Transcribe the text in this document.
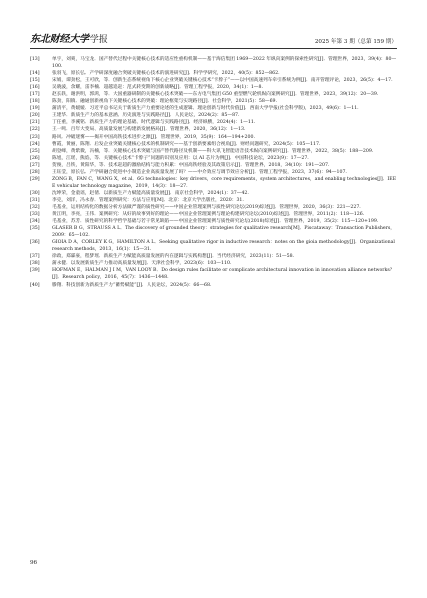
东北财经大学 学报	2025 年第 3 期（总第 159 期）
[13]	单宇，刘爽，马宝龙．国产替代过程中关键核心技术的适应性重构机制——基于海信集团 1969—2022 年纵向案例的探索性研究[J]．管理世界，2023，39(4)：80—100.
[14]	张羽飞，原长弘．产学研深度融合突破关键核心技术的演进研究[J]．科学学研究，2022，40(5)：852—862.
[15]	宋娟，谭劲松，王可欣，等．创新生态系统视角下核心企业突破关键核心技术“卡脖子”——以中国高速列车牵引系统为例[J]．南开管理评论，2023，26(5)：4—17.
[16]	吴晓波，余耀，雷李楠．超越追赶：范式转变期的创新战略[J]．管理工程学报，2020，34(1)：1—8.
[17]	赵长轶，谢洪明，郭鸿，等．大国重器研制的关键核心技术突破——东方电气集团 G50 重型燃气轮机纵向案例研究[J]．管理世界，2023，39(12)：20—39.
[18]	陈劲，阳镇．融通创新视角下关键核心技术的突破：理论框架与实现路径[J]．社会科学，2021(5)：58—69.
[19]	蒲清平，黄媛媛．习近平总书记关于新质生产力重要论述的生成逻辑、理论创新与时代价值[J]．西南大学学报(社会科学版)，2023，49(6)：1—11.
[20]	王建华．新质生产力的基本意涵、历史演进与实践路径[J]．人民论坛，2024(2)：85—87.
[21]	丁任重，李溪铭．新质生产力的理论基础、时代逻辑与实践路径[J]．经济纵横，2024(4)：1—11.
[22]	王一鸣．百年大变局、高质量发展与构建新发展格局[J]．管理世界，2020，36(12)：1—13.
[23]	路风．冲破迷雾——揭开中国高铁技术进步之源[J]．管理世界，2019，35(9)：164—194+200.
[24]	曹霞，黄丽，陈翔．后发企业突破关键核心技术的机制研究——基于创新要素组合视角[J]．财经问题研究，2024(5)：105—117.
[25]	胡登峰，黄紫微，冯楠，等．关键核心技术突破与国产替代路径及机制——科大讯飞智能语音技术纵向案例研究[J]．管理世界，2022，38(5)：188—209.
[26]	陈旭，江瑶，熊焰，等．关键核心技术“卡脖子”问题的识别及应用：以 AI 芯片为例[J]．中国科技论坛，2023(9)：17—27.
[27]	贺俊，吕铁，黄阳华，等．技术赶超的激励结构与能力积累：中国高铁经验及其政策启示[J]．管理世界，2018，34(10)：191—207.
[28]	王钰莹，原长弘．产学研融合促进中小制造企业高质量发展了吗？——中介效应与调节效应分析[J]．管理工程学报，2023，37(6)：94—107.
[29]	ZONG B，FAN C，WANG X，et al．6G technologies：key drivers，core requirements，system architectures，and enabling technologies[J]．IEEE vehicular technology magazine，2019，14(3)：18—27.
[30]	沈坤荣，金童谣，赵倩．以新质生产力赋能高质量发展[J]．南京社会科学，2024(1)：37—42.
[31]	李克，刘洋，冯永春．管理案例研究：方法与应用[M]．北京：北京大学出版社，2020：31.
[32]	毛基业，运用结构化的数据分析方法做严谨的质性研究——中国企业管理案例与质性研究论坛(2019)综述[J]．管理世界，2020，36(3)：221—227.
[33]	黄江明，李亮，王伟．案例研究：从好的故事到好的理论——中国企业管理案例与理论构建研究论坛(2010)综述[J]．管理世界，2011(2)：118—126.
[34]	毛基业，苏芳．质性研究的科学哲学基础与若干常见缺陷——中国企业管理案例与质性研究论坛(2018)综述[J]．管理世界，2019，35(2)：115—120+199.
[35]	GLASER B G，STRAUSS A L．The discovery of grounded theory：strategies for qualitative research[M]．Piscataway：Transaction Publishers，2009：65—102.
[36]	GIOIA D A，CORLEY K G，HAMILTON A L．Seeking qualitative rigor in inductive research：notes on the gioia methodology[J]．Organizational research methods，2013，16(1)：15—31.
[37]	徐政，郑霖豪，程梦瑶．新质生产力赋能高质量发展的内在逻辑与实践构想[J]．当代经济研究，2023(11)：51—58.
[38]	蒲永健．以发展新质生产力推动高质量发展[J]．天津社会科学，2023(6)：103—110.
[39]	HOFMAN E，HALMAN J I M，VAN LOOY B．Do design rules facilitate or complicate architectural innovation in innovation alliance networks？[J]．Research policy，2016，45(7)：1436—1448.
[40]	滕翔．科技创新为新质生产力“蓄势赋能”[J]．人民论坛，2024(5)：66—68.
96
